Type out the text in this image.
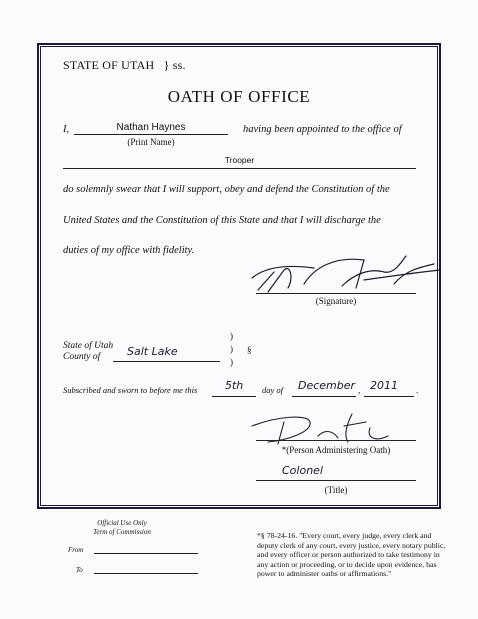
STATE OF UTAH } ss.
OATH OF OFFICE
I,	Nathan Haynes
(Print Name)
having been appointed to the office of
Trooper
do solemnly swear that I will support, obey and defend the Constitution of the
United States and the Constitution of this State and that I will discharge the
duties of my office with fidelity.
(Signature)
State of Utah
County of Salt Lake
)
)
)
§
Subscribed and sworn to before me this	5th day of December , 2011 .
*(Person Administering Oath)
Colonel
(Title)
Official Use Only
Term of Commission
From
To
*§ 78-24-16. "Every court, every judge, every clerk and deputy clerk of any court, every justice, every notary public, and every officer or person authorized to take testimony in any action or proceeding, or to decide upon evidence, has power to administer oaths or affirmations."
